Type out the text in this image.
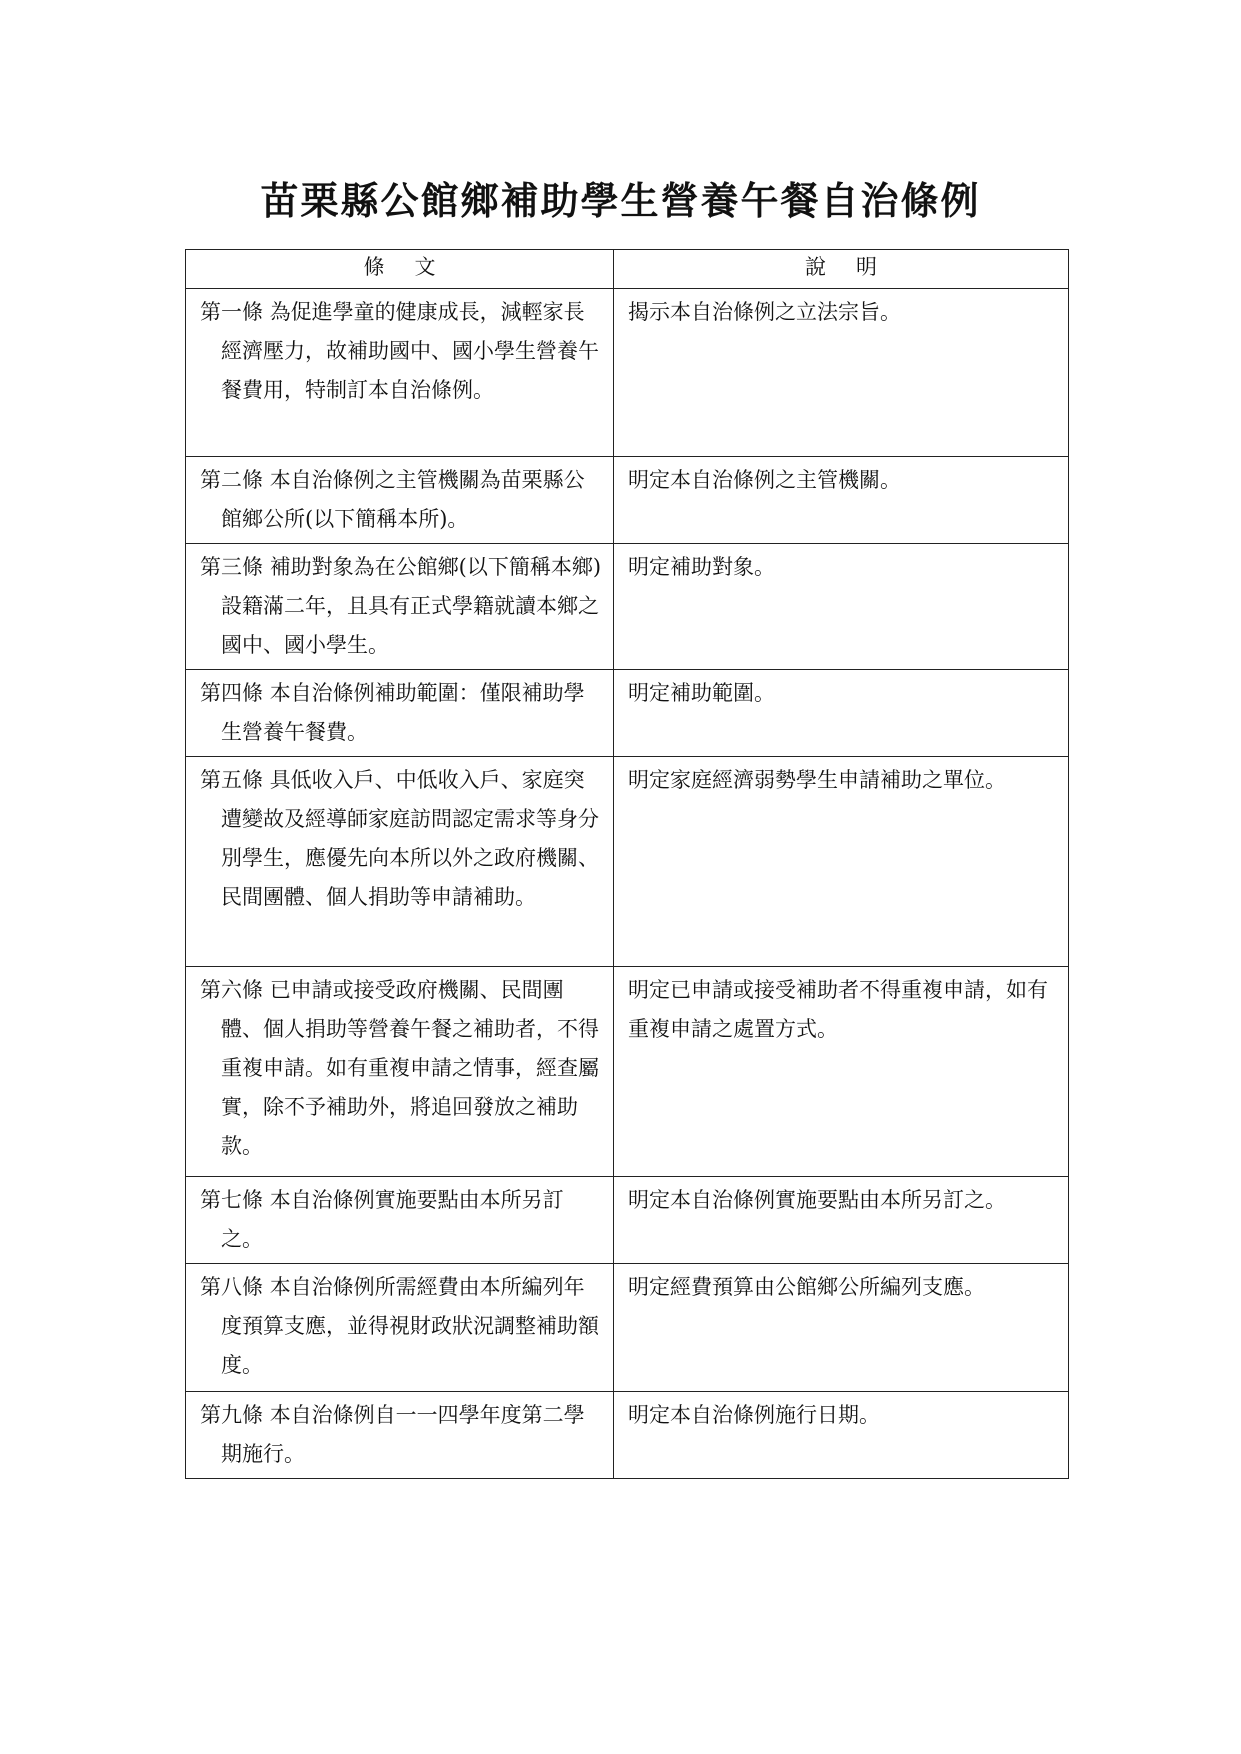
苗栗縣公館鄉補助學生營養午餐自治條例
條文	說明
第一條 為促進學童的健康成長，減輕家長經濟壓力，故補助國中、國小學生營養午餐費用，特制訂本自治條例。	揭示本自治條例之立法宗旨。
第二條 本自治條例之主管機關為苗栗縣公館鄉公所(以下簡稱本所)。	明定本自治條例之主管機關。
第三條 補助對象為在公館鄉(以下簡稱本鄉)設籍滿二年，且具有正式學籍就讀本鄉之國中、國小學生。	明定補助對象。
第四條 本自治條例補助範圍：僅限補助學生營養午餐費。	明定補助範圍。
第五條 具低收入戶、中低收入戶、家庭突遭變故及經導師家庭訪問認定需求等身分別學生，應優先向本所以外之政府機關、民間團體、個人捐助等申請補助。	明定家庭經濟弱勢學生申請補助之單位。
第六條 已申請或接受政府機關、民間團體、個人捐助等營養午餐之補助者，不得重複申請。如有重複申請之情事，經查屬實，除不予補助外，將追回發放之補助款。	明定已申請或接受補助者不得重複申請，如有重複申請之處置方式。
第七條 本自治條例實施要點由本所另訂之。	明定本自治條例實施要點由本所另訂之。
第八條 本自治條例所需經費由本所編列年度預算支應，並得視財政狀況調整補助額度。	明定經費預算由公館鄉公所編列支應。
第九條 本自治條例自一一四學年度第二學期施行。	明定本自治條例施行日期。
